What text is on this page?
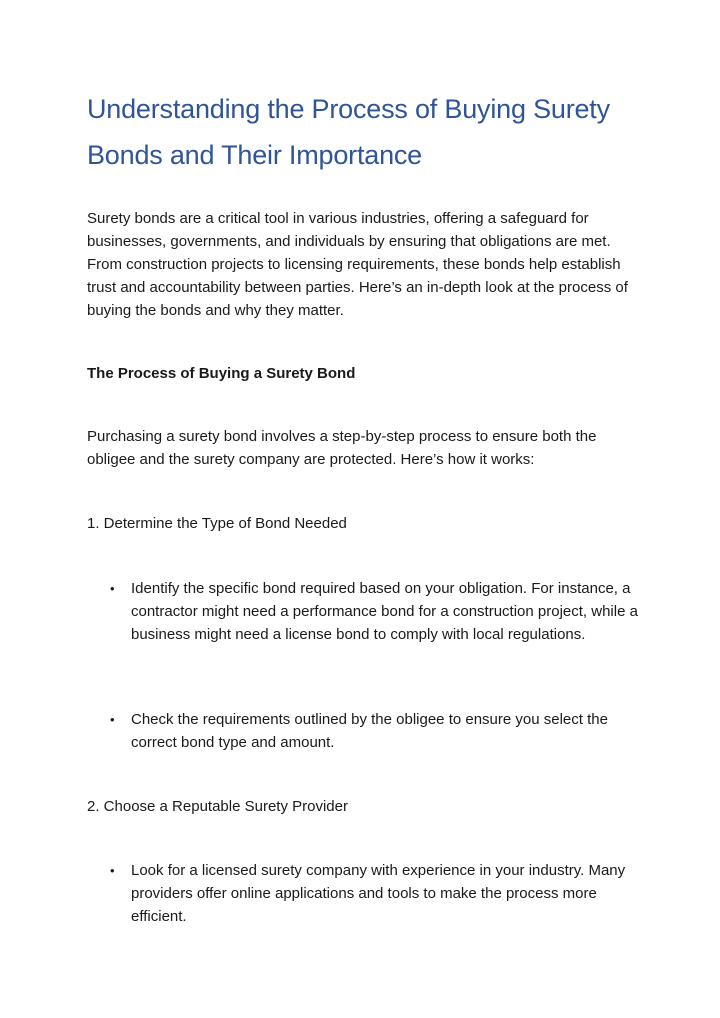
Understanding the Process of Buying Surety Bonds and Their Importance

Surety bonds are a critical tool in various industries, offering a safeguard for businesses, governments, and individuals by ensuring that obligations are met. From construction projects to licensing requirements, these bonds help establish trust and accountability between parties. Here’s an in-depth look at the process of buying the bonds and why they matter.

The Process of Buying a Surety Bond

Purchasing a surety bond involves a step-by-step process to ensure both the obligee and the surety company are protected. Here’s how it works:

1. Determine the Type of Bond Needed

•	Identify the specific bond required based on your obligation. For instance, a contractor might need a performance bond for a construction project, while a business might need a license bond to comply with local regulations.
•	Check the requirements outlined by the obligee to ensure you select the correct bond type and amount.

2. Choose a Reputable Surety Provider

•	Look for a licensed surety company with experience in your industry. Many providers offer online applications and tools to make the process more efficient.
